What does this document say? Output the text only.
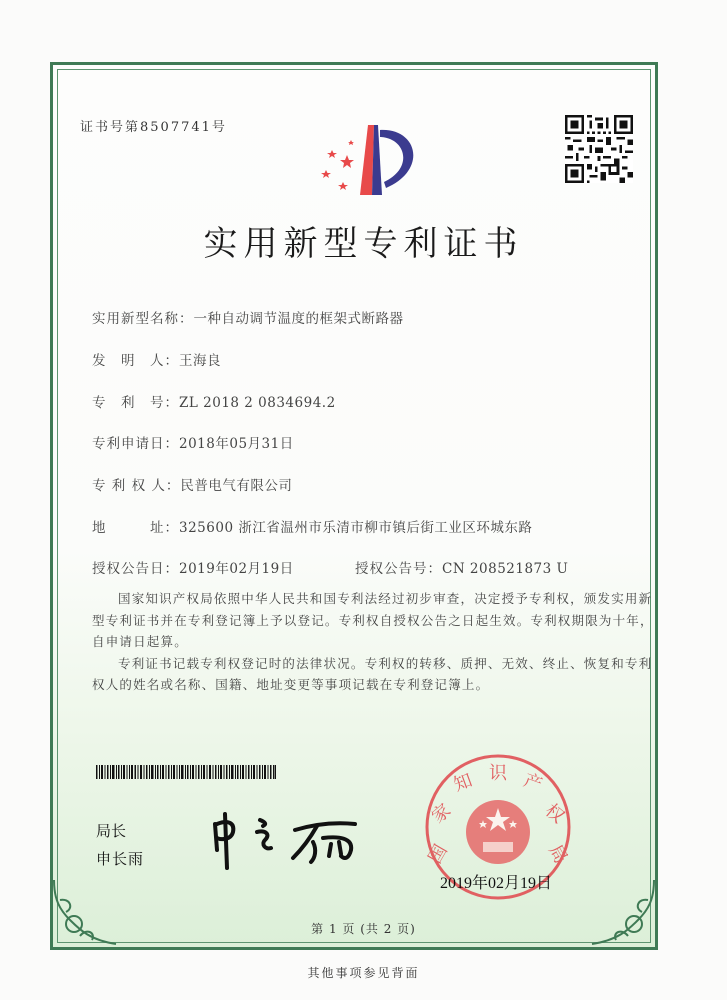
证书号第8507741号
实用新型专利证书
实用新型名称：一种自动调节温度的框架式断路器
发　明　人：王海良
专　利　号：ZL 2018 2 0834694.2
专利申请日：2018年05月31日
专 利 权 人：民普电气有限公司
地　　　址：325600 浙江省温州市乐清市柳市镇后街工业区环城东路
授权公告日：2019年02月19日	授权公告号：CN 208521873 U

国家知识产权局依照中华人民共和国专利法经过初步审查，决定授予专利权，颁发实用新型专利证书并在专利登记簿上予以登记。专利权自授权公告之日起生效。专利权期限为十年，自申请日起算。

专利证书记载专利权登记时的法律状况。专利权的转移、质押、无效、终止、恢复和专利权人的姓名或名称、国籍、地址变更等事项记载在专利登记簿上。

局长
申长雨	国
家
知 识 产
权
局
2019年02月19日
第 1 页 (共 2 页)
其他事项参见背面
